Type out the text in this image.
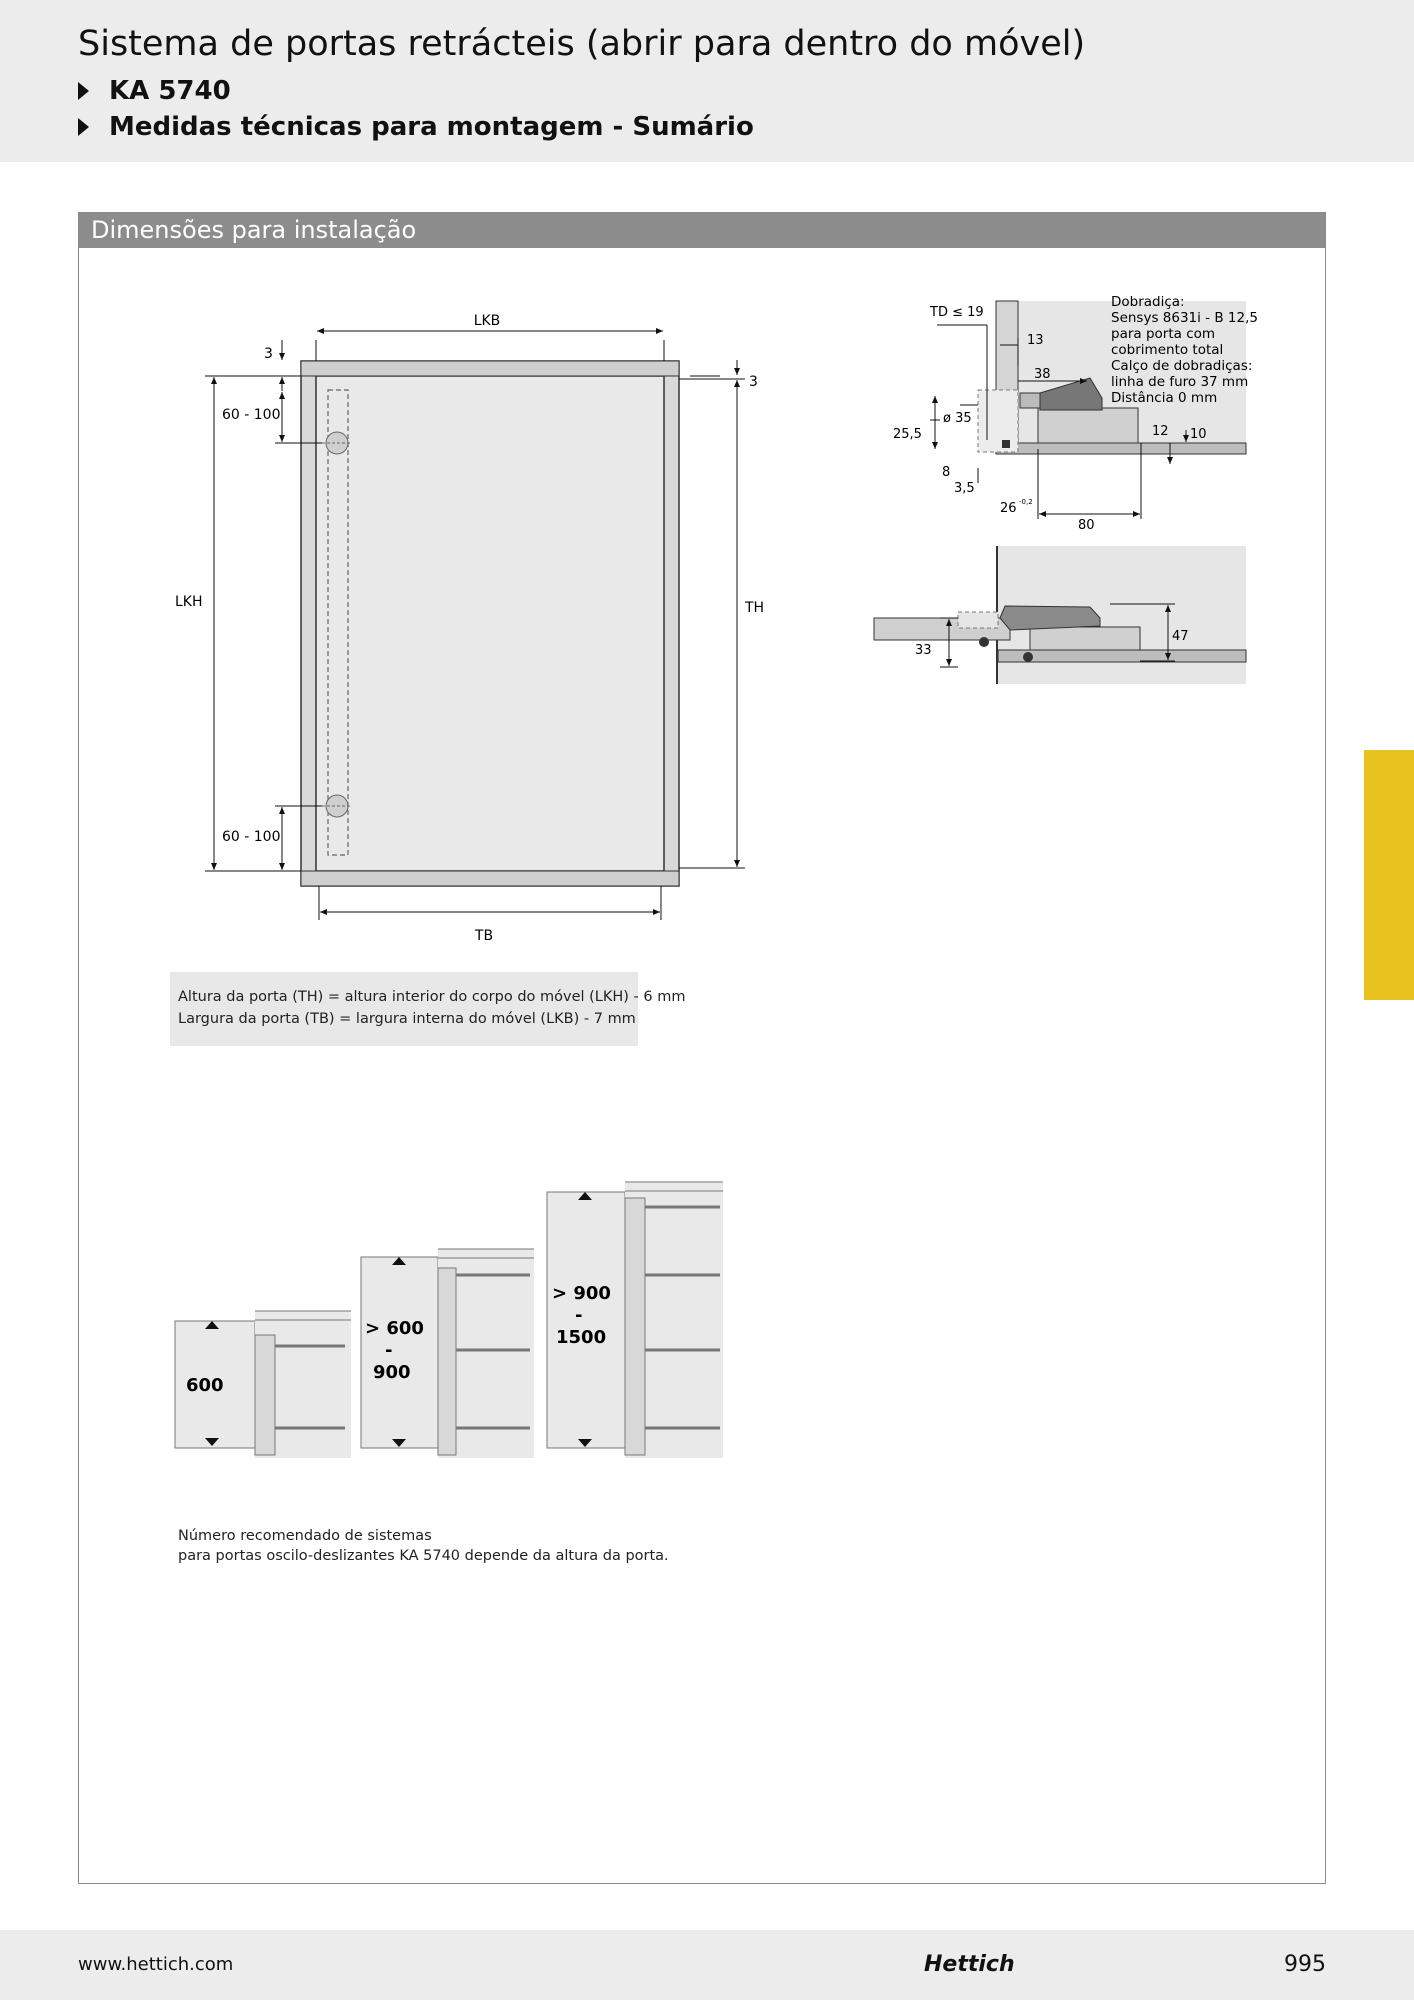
Sistema de portas retrácteis (abrir para dentro do móvel)
KA 5740
Medidas técnicas para montagem - Sumário
Dimensões para instalação
LKB
TB
LKH	TH
3
3
60 - 100
60 - 100
TD ≤ 19
13
38
ø 35
25,5	12 10
8
3,5
26 -0,2
80
Dobradiça:
Sensys 8631i - B 12,5
para porta com
cobrimento total
Calço de dobradiças:
linha de furo 37 mm
Distância 0 mm
47
33
600
> 600
-
900
> 900
-
1500
Altura da porta (TH) = altura interior do corpo do móvel (LKH) - 6 mm
Largura da porta (TB) = largura interna do móvel (LKB) - 7 mm
Número recomendado de sistemas
para portas oscilo-deslizantes KA 5740 depende da altura da porta.
www.hettich.com	Hettich	995
